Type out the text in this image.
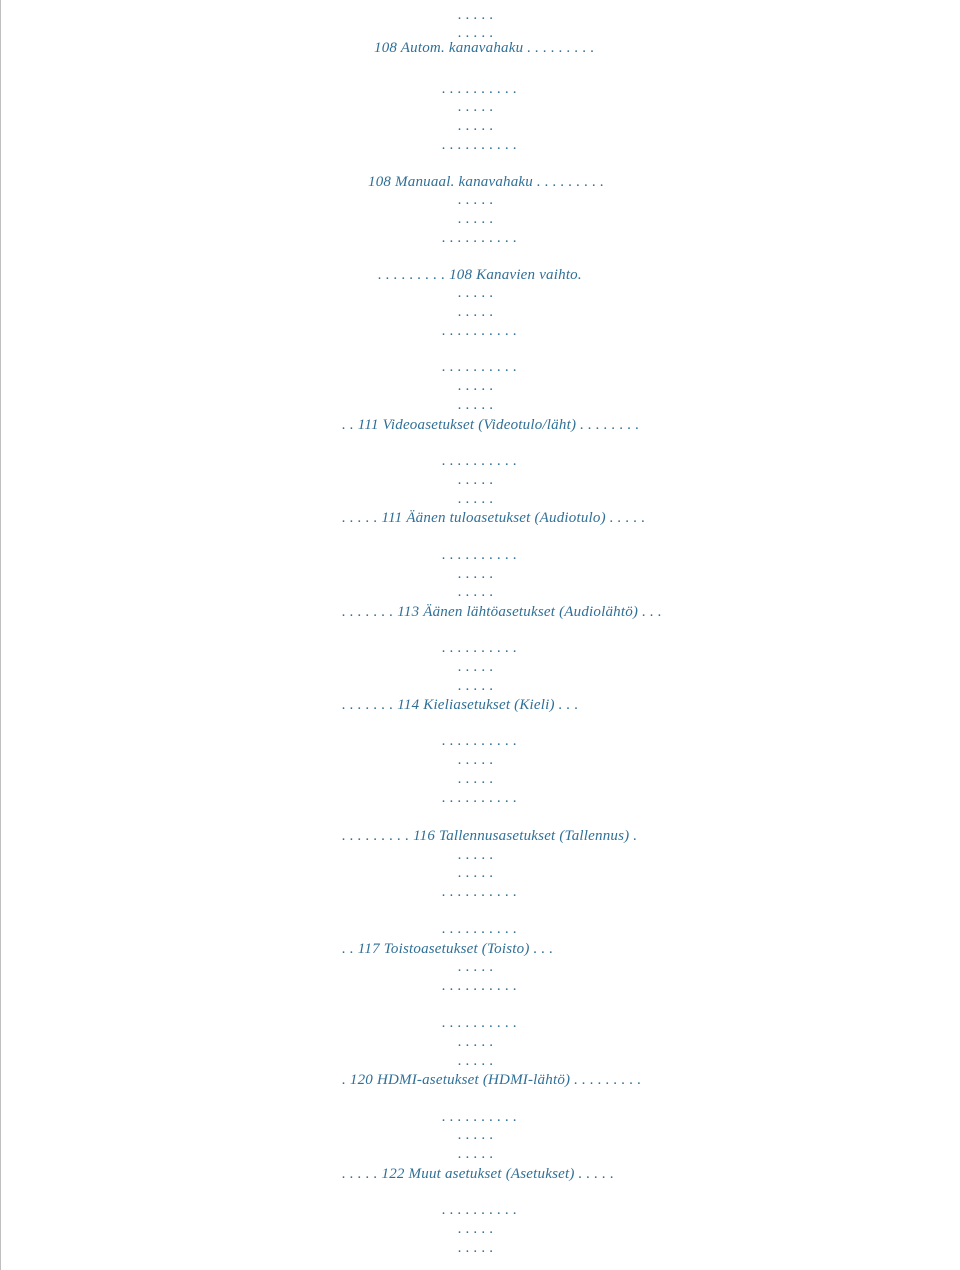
. . . . .
. . . . .
108 Autom. kanavahaku . . . . . . . . .
. . . . . . . . . .
. . . . .
. . . . .
. . . . . . . . . .
108 Manuaal. kanavahaku . . . . . . . . .
. . . . .
. . . . .
. . . . . . . . . .
. . . . . . . . . 108 Kanavien vaihto.
. . . . .
. . . . .
. . . . . . . . . .
. . . . . . . . . .
. . . . .
. . . . .
. . 111 Videoasetukset (Videotulo/läht) . . . . . . . .
. . . . . . . . . .
. . . . .
. . . . .
. . . . . 111 Äänen tuloasetukset (Audiotulo) . . . . .
. . . . . . . . . .
. . . . .
. . . . .
. . . . . . . 113 Äänen lähtöasetukset (Audiolähtö) . . .
. . . . . . . . . .
. . . . .
. . . . .
. . . . . . . 114 Kieliasetukset (Kieli) . . .
. . . . . . . . . .
. . . . .
. . . . .
. . . . . . . . . .
. . . . . . . . . 116 Tallennusasetukset (Tallennus) .
. . . . .
. . . . .
. . . . . . . . . .
. . . . . . . . . .
. . 117 Toistoasetukset (Toisto) . . .
. . . . .
. . . . . . . . . .
. . . . . . . . . .
. . . . .
. . . . .
. 120 HDMI-asetukset (HDMI-lähtö) . . . . . . . . .
. . . . . . . . . .
. . . . .
. . . . .
. . . . . 122 Muut asetukset (Asetukset) . . . . .
. . . . . . . . . .
. . . . .
. . . . .
